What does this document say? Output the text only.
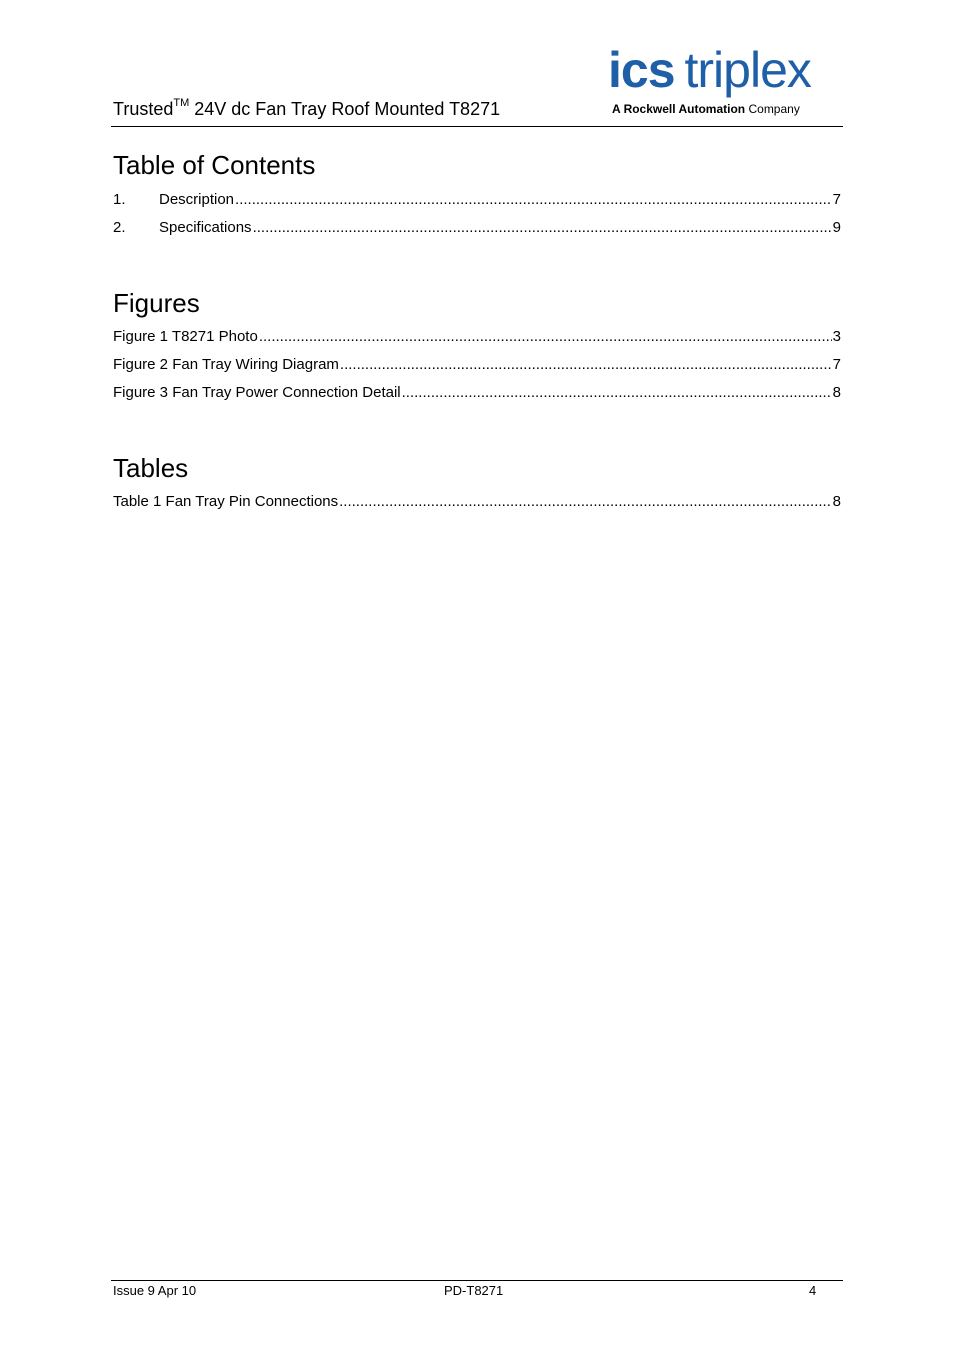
Trusted™ 24V dc Fan Tray Roof Mounted T8271
ics triplex
A Rockwell Automation Company
Table of Contents
1.	Description .....	7
2.	Specifications .....	9
Figures
Figure 1 T8271 Photo .....	3
Figure 2 Fan Tray Wiring Diagram .....	7
Figure 3 Fan Tray Power Connection Detail .....	8
Tables
Table 1 Fan Tray Pin Connections .....	8
Issue 9 Apr 10	PD-T8271	4
